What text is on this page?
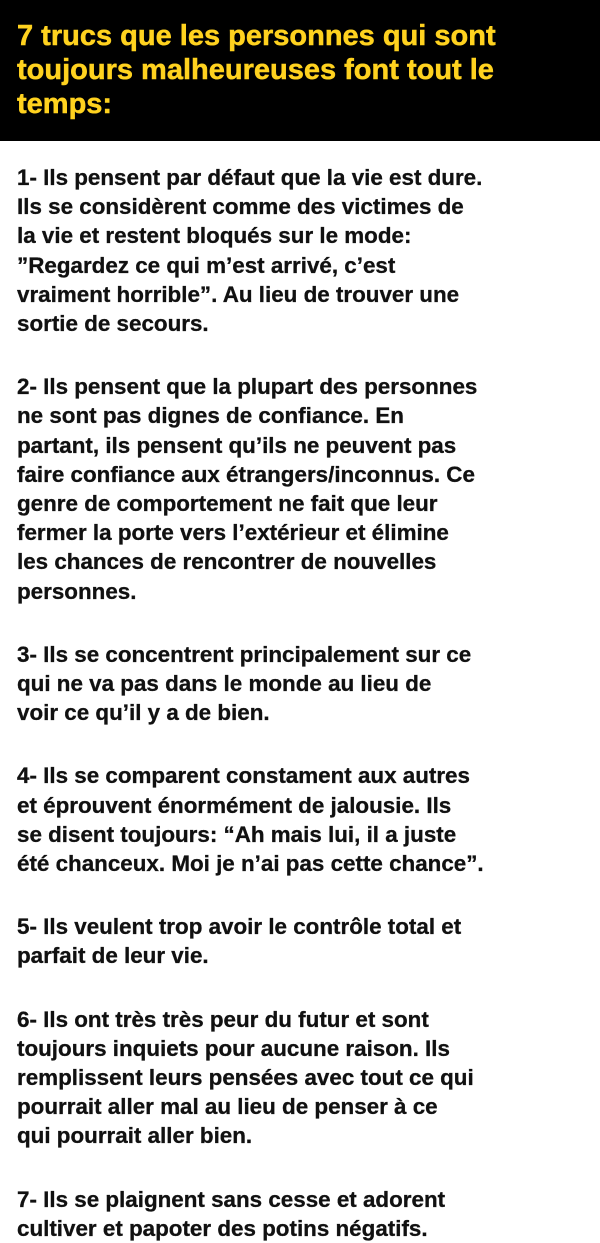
7 trucs que les personnes qui sont
toujours malheureuses font tout le
temps:

1- Ils pensent par défaut que la vie est dure.
Ils se considèrent comme des victimes de
la vie et restent bloqués sur le mode:
”Regardez ce qui m’est arrivé, c’est
vraiment horrible”. Au lieu de trouver une
sortie de secours.

2- Ils pensent que la plupart des personnes
ne sont pas dignes de confiance. En
partant, ils pensent qu’ils ne peuvent pas
faire confiance aux étrangers/inconnus. Ce
genre de comportement ne fait que leur
fermer la porte vers l’extérieur et élimine
les chances de rencontrer de nouvelles
personnes.

3- Ils se concentrent principalement sur ce
qui ne va pas dans le monde au lieu de
voir ce qu’il y a de bien.

4- Ils se comparent constament aux autres
et éprouvent énormément de jalousie. Ils
se disent toujours: “Ah mais lui, il a juste
été chanceux. Moi je n’ai pas cette chance”.

5- Ils veulent trop avoir le contrôle total et
parfait de leur vie.

6- Ils ont très très peur du futur et sont
toujours inquiets pour aucune raison. Ils
remplissent leurs pensées avec tout ce qui
pourrait aller mal au lieu de penser à ce
qui pourrait aller bien.

7- Ils se plaignent sans cesse et adorent
cultiver et papoter des potins négatifs.
